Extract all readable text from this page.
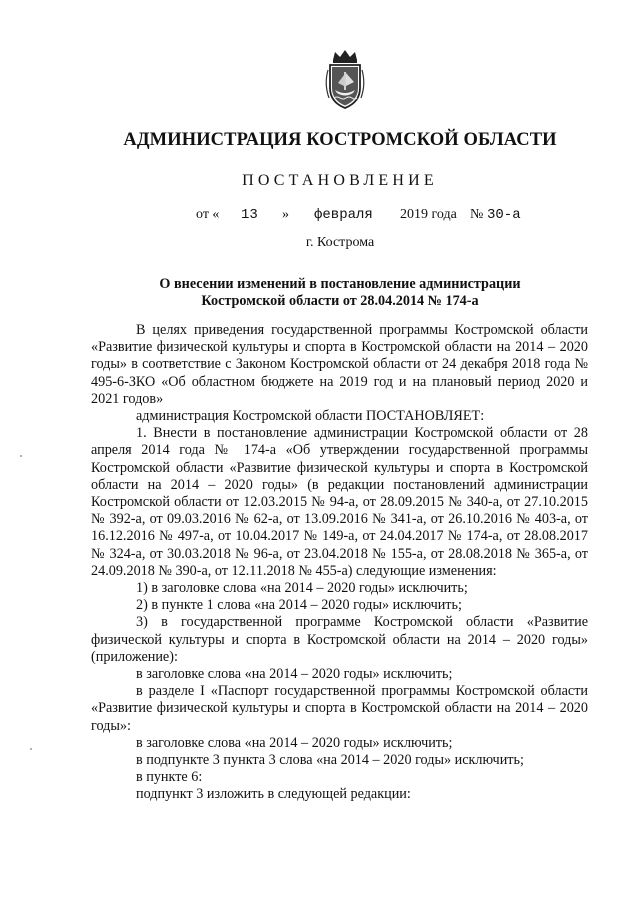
АДМИНИСТРАЦИЯ КОСТРОМСКОЙ ОБЛАСТИ
ПОСТАНОВЛЕНИЕ
от « 13 » февраля 2019 года № 30-а
г. Кострома
О внесении изменений в постановление администрации
Костромской области от 28.04.2014 № 174-а

В целях приведения государственной программы Костромской области «Развитие физической культуры и спорта в Костромской области на 2014 – 2020 годы» в соответствие с Законом Костромской области от 24 декабря 2018 года № 495-6-ЗКО «Об областном бюджете на 2019 год и на плановый период 2020 и 2021 годов»

администрация Костромской области ПОСТАНОВЛЯЕТ:

1. Внести в постановление администрации Костромской области от 28 апреля 2014 года № 174-а «Об утверждении государственной программы Костромской области «Развитие физической культуры и спорта в Костромской области на 2014 – 2020 годы» (в редакции постановлений администрации Костромской области от 12.03.2015 № 94-а, от 28.09.2015 № 340-а, от 27.10.2015 № 392-а, от 09.03.2016 № 62-а, от 13.09.2016 № 341-а, от 26.10.2016 № 403-а, от 16.12.2016 № 497-а, от 10.04.2017 № 149-а, от 24.04.2017 № 174-а, от 28.08.2017 № 324-а, от 30.03.2018 № 96-а, от 23.04.2018 № 155-а, от 28.08.2018 № 365-а, от 24.09.2018 № 390-а, от 12.11.2018 № 455-а) следующие изменения:

1) в заголовке слова «на 2014 – 2020 годы» исключить;

2) в пункте 1 слова «на 2014 – 2020 годы» исключить;

3) в государственной программе Костромской области «Развитие физической культуры и спорта в Костромской области на 2014 – 2020 годы» (приложение):

в заголовке слова «на 2014 – 2020 годы» исключить;

в разделе I «Паспорт государственной программы Костромской области «Развитие физической культуры и спорта в Костромской области на 2014 – 2020 годы»:

в заголовке слова «на 2014 – 2020 годы» исключить;

в подпункте 3 пункта 3 слова «на 2014 – 2020 годы» исключить;

в пункте 6:

подпункт 3 изложить в следующей редакции:
